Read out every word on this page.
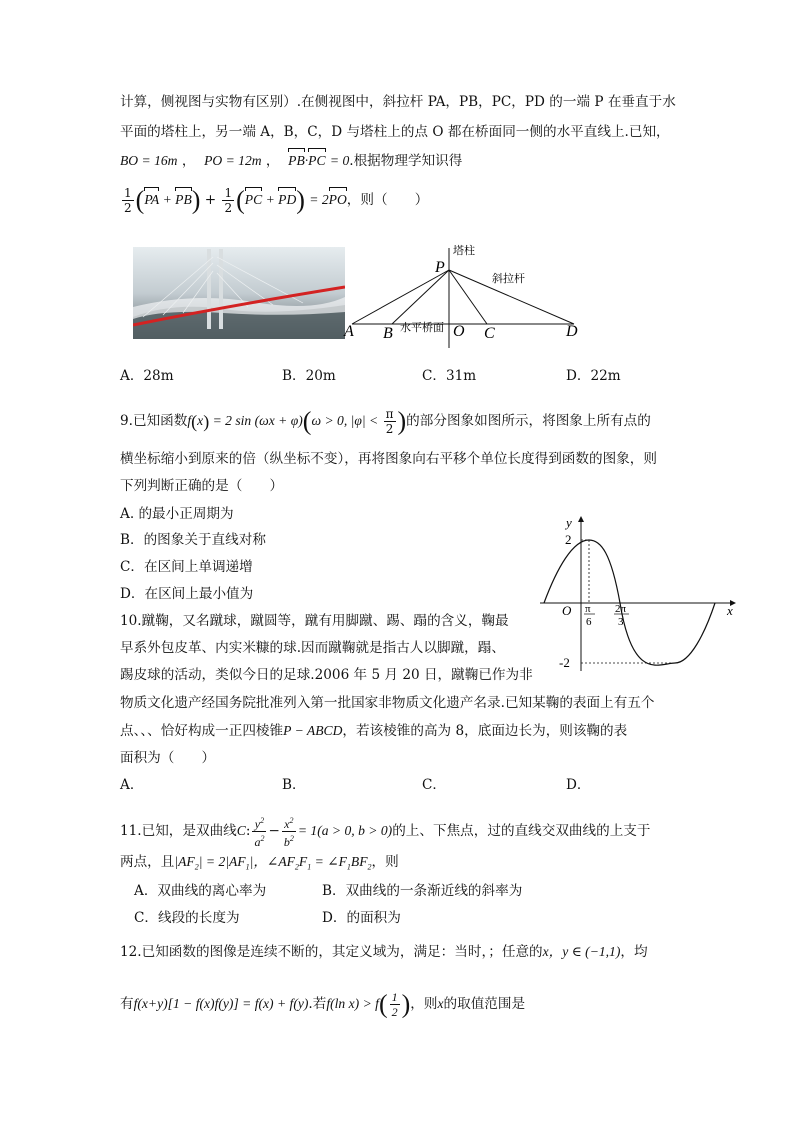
计算，侧视图与实物有区别）.在侧视图中，斜拉杆 PA，PB，PC，PD 的一端 P 在垂直于水
平面的塔柱上，另一端 A，B，C，D 与塔柱上的点 O 都在桥面同一侧的水平直线上.已知，
BO = 16m ，  PO = 12m ，  PB·PC = 0.根据物理学知识得
$\frac{1}{2} (PA + PB) + \frac{1}{2} (PC + PD) = 2PO$，则（　　）
塔柱
斜拉杆
水平桥面
P
A B	O C	D
A．28m	B．20m	C．31m	D．22m
9.已知函数f(x) = 2 sin (ωx + φ)(ω > 0, $|\varphi| < \frac{\pi}{2}$ )的部分图象如图所示，将图象上所有点的
横坐标缩小到原来的倍（纵坐标不变），再将图象向右平移个单位长度得到函数的图象，则
下列判断正确的是（　　）
A. 的最小正周期为
B．的图象关于直线对称
C．在区间上单调递增
D．在区间上最小值为
y
x
O
2
-2
π
6
2π
3
10.蹴鞠，又名蹴球，蹴圆等，蹴有用脚蹴、踢、蹋的含义，鞠最
早系外包皮革、内实米糠的球.因而蹴鞠就是指古人以脚蹴，蹋、
踢皮球的活动，类似今日的足球.2006 年 5 月 20 日，蹴鞠已作为非
物质文化遗产经国务院批准列入第一批国家非物质文化遗产名录.已知某鞠的表面上有五个
点、、、恰好构成一正四棱锥P − ABCD，若该棱锥的高为 8，底面边长为，则该鞠的表
面积为（　　）
A．	B．	C．	D．
11.已知，是双曲线C: $\frac{y^2}{a^2} - \frac{x^2}{b^2} = 1(a > 0$, b > 0)的上、下焦点，过的直线交双曲线的上支于
两点，且$|AF_2| = 2|AF_1|$，$\angle AF_2F_1$ = $\angle F_1BF_2$，则
A．双曲线的离心率为	B．双曲线的一条渐近线的斜率为
C．线段的长度为	D．的面积为
12.已知函数的图像是连续不断的，其定义域为，满足：当时，；任意的x，y ∈ (−1,1)，均
有f(x+y)[1 − f(x)f(y)] = f(x) + f(y).若f(ln $x) > f( \frac{1}{2}$ )，则x的取值范围是
